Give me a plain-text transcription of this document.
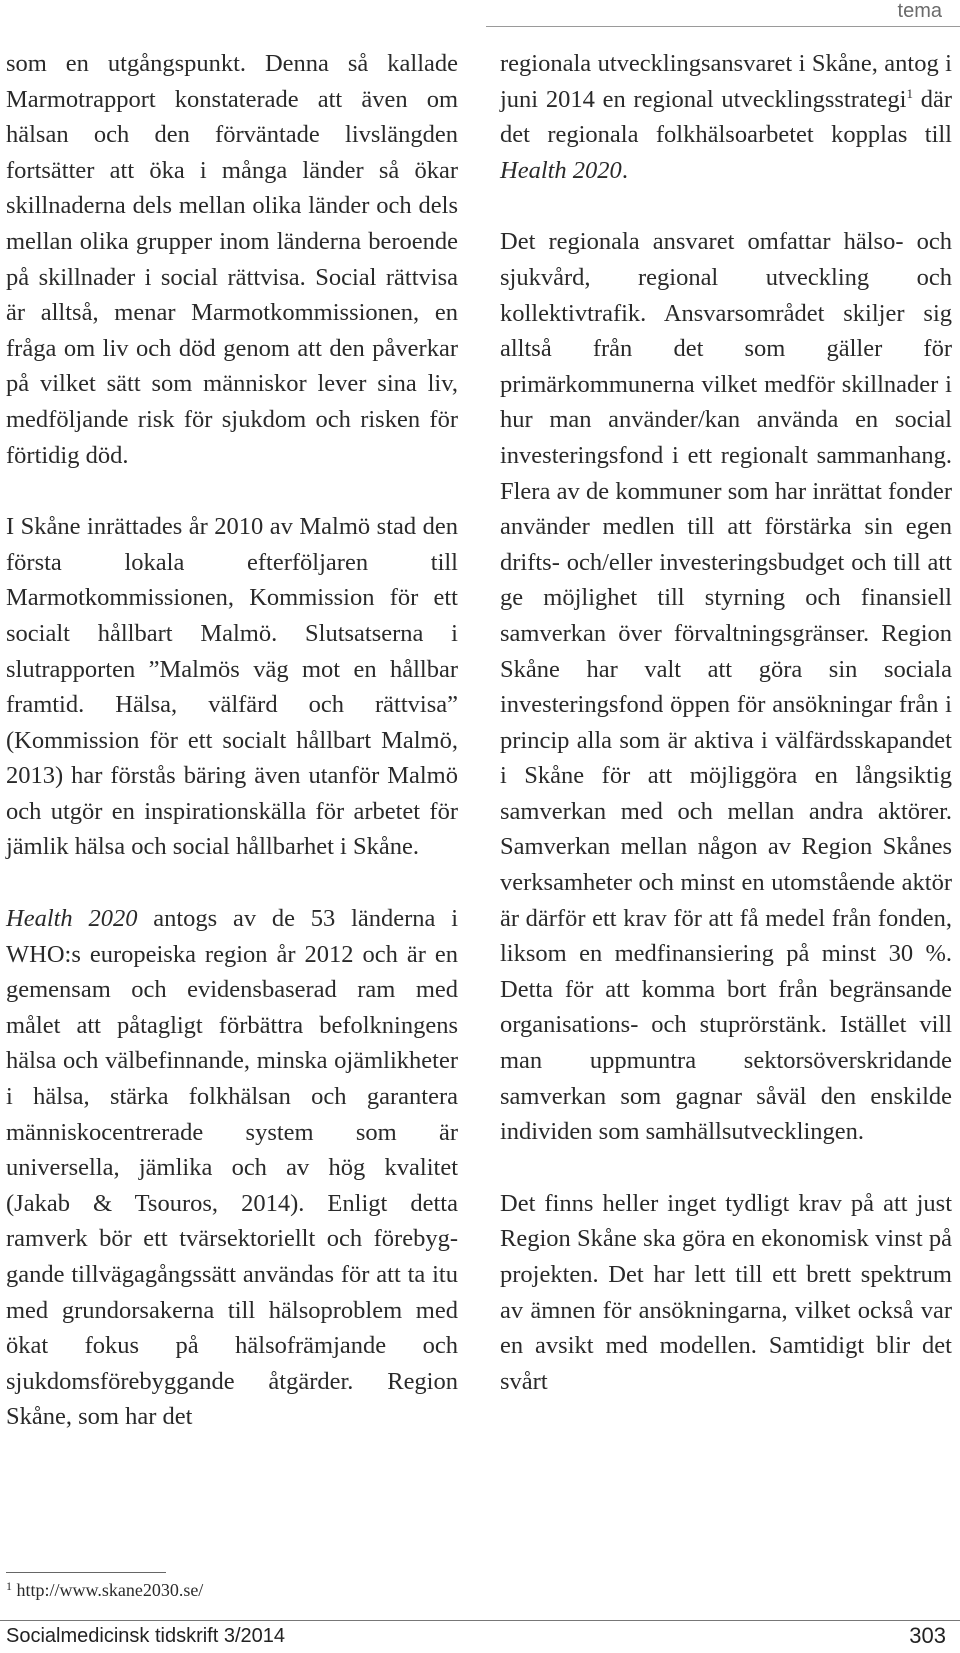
tema

som en utgångspunkt. Denna så kallade Marmotrapport konstaterade att även om hälsan och den förväntade livslängden fortsätter att öka i många länder så ökar skillnaderna dels mellan olika länder och dels mellan olika grupper inom länderna beroende på skillnader i social rättvisa. Social rättvisa är alltså, menar Marmotkommissionen, en fråga om liv och död genom att den påverkar på vilket sätt som människor lever sina liv, medföljande risk för sjukdom och risken för förtidig död.

I Skåne inrättades år 2010 av Malmö stad den första lokala efterföljaren till Marmotkommissionen, Kommission för ett socialt hållbart Malmö. Slutsatserna i slutrapporten ”Malmös väg mot en hållbar framtid. Hälsa, välfärd och rättvisa” (Kommission för ett socialt hållbart Malmö, 2013) har förstås bäring även utanför Malmö och utgör en inspirationskälla för arbetet för jämlik hälsa och social hållbarhet i Skåne.

Health 2020 antogs av de 53 länderna i WHO:s europeiska region år 2012 och är en gemensam och evidensbaserad ram med målet att påtagligt förbättra befolkningens hälsa och välbefinnande, minska ojämlikheter i hälsa, stärka folkhälsan och garantera människocentrerade system som är universella, jämlika och av hög kvalitet (Jakab & Tsouros, 2014). Enligt detta ramverk bör ett tvärsektoriellt och förebyggande tillvägagångssätt användas för att ta itu med grundorsakerna till hälsoproblem med ökat fokus på hälsofrämjande och sjukdomsförebyggande åtgärder. Region Skåne, som har det

regionala utvecklingsansvaret i Skåne, antog i juni 2014 en regional utvecklingsstrategi$^1$ där det regionala folkhälsoarbetet kopplas till Health 2020.

Det regionala ansvaret omfattar hälso- och sjukvård, regional utveckling och kollektivtrafik. Ansvarsområdet skiljer sig alltså från det som gäller för primärkommunerna vilket medför skillnader i hur man använder/kan använda en social investeringsfond i ett regionalt sammanhang. Flera av de kommuner som har inrättat fonder använder medlen till att förstärka sin egen drifts- och/eller investeringsbudget och till att ge möjlighet till styrning och finansiell samverkan över förvaltningsgränser. Region Skåne har valt att göra sin sociala investeringsfond öppen för ansökningar från i princip alla som är aktiva i välfärdsskapandet i Skåne för att möjliggöra en långsiktig samverkan med och mellan andra aktörer. Samverkan mellan någon av Region Skånes verksamheter och minst en utomstående aktör är därför ett krav för att få medel från fonden, liksom en medfinansiering på minst 30 %. Detta för att komma bort från begränsande organisations- och stuprörstänk. Istället vill man uppmuntra sektorsöverskridande samverkan som gagnar såväl den enskilde individen som samhällsutvecklingen.

Det finns heller inget tydligt krav på att just Region Skåne ska göra en ekonomisk vinst på projekten. Det har lett till ett brett spektrum av ämnen för ansökningarna, vilket också var en avsikt med modellen. Samtidigt blir det svårt

$^1$ http://www.skane2030.se/
Socialmedicinsk tidskrift 3/2014	303
